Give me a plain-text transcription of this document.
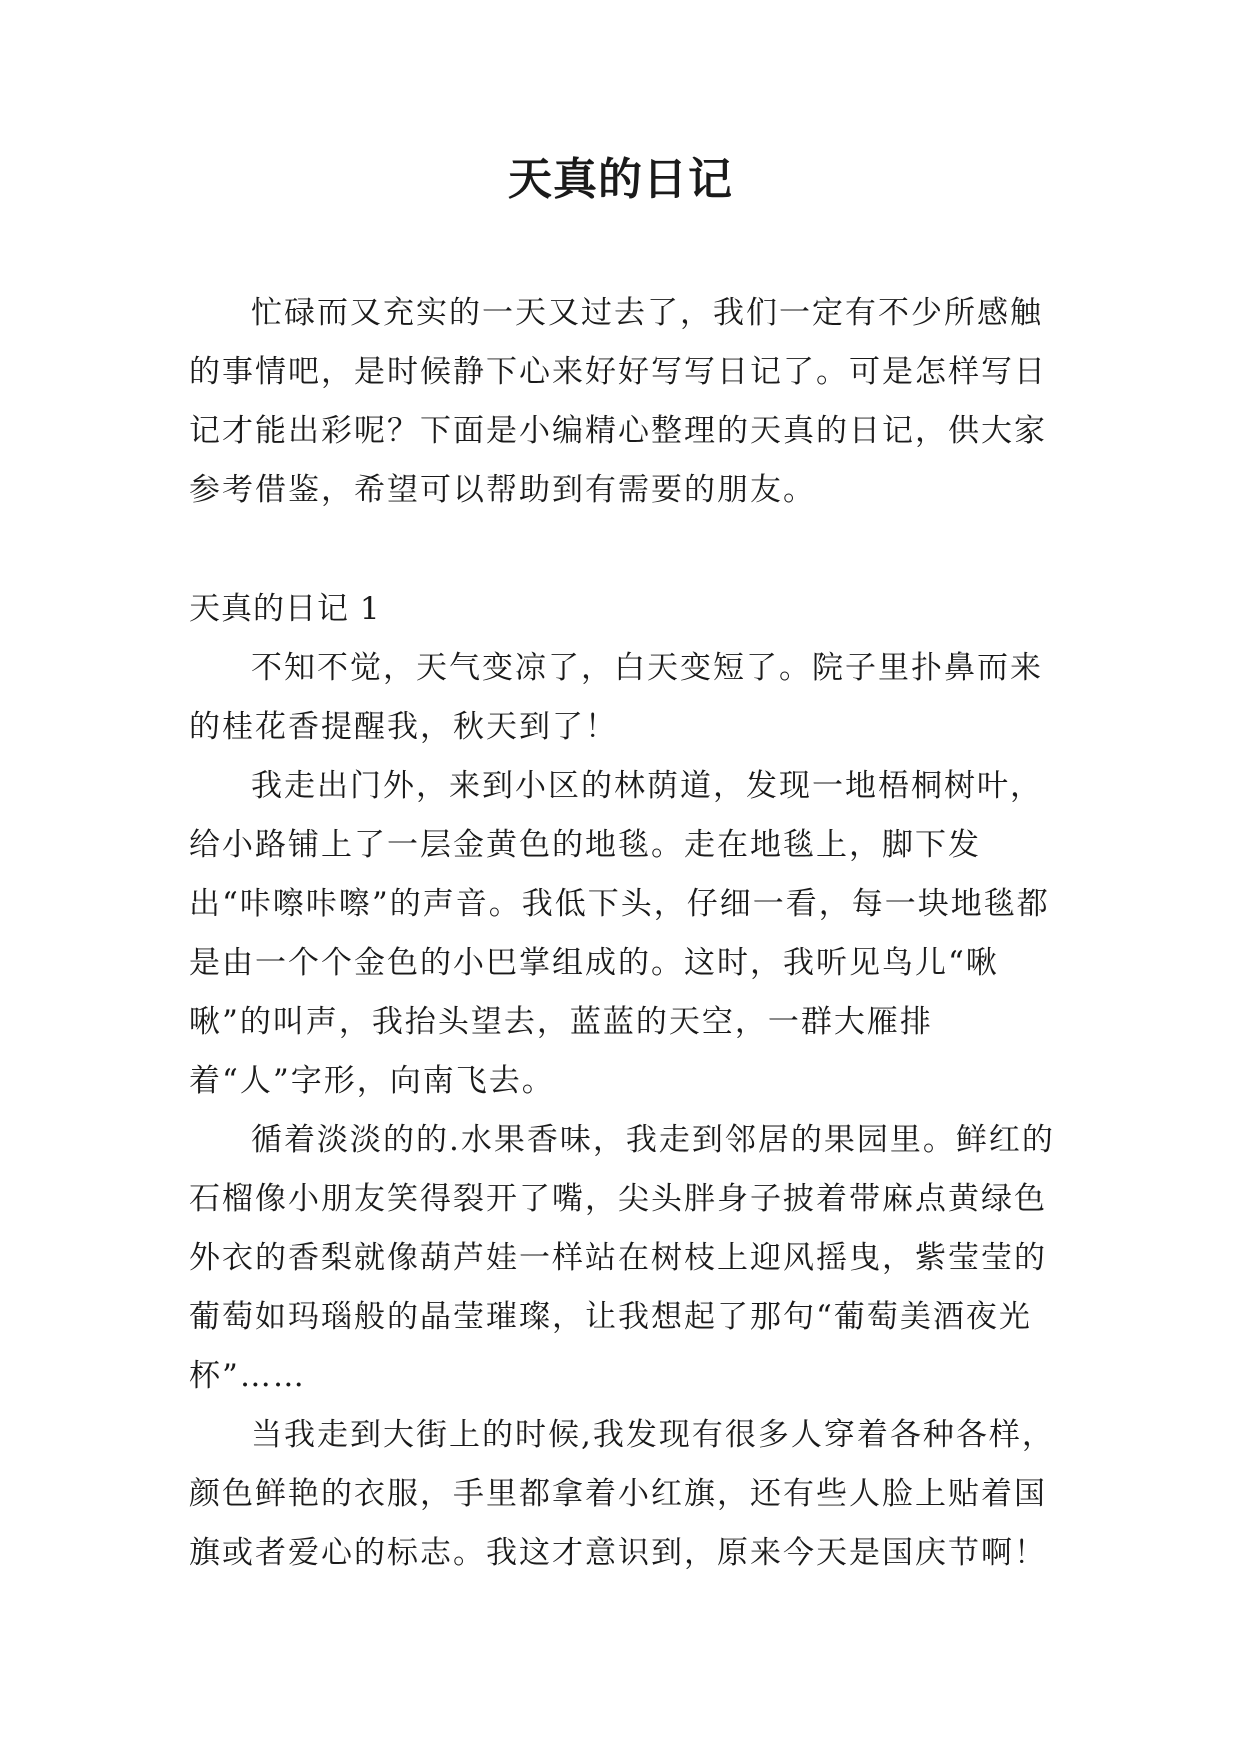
天真的日记

忙碌而又充实的一天又过去了，我们一定有不少所感触的事情吧，是时候静下心来好好写写日记了。可是怎样写日记才能出彩呢？下面是小编精心整理的天真的日记，供大家参考借鉴，希望可以帮助到有需要的朋友。

天真的日记 1

不知不觉，天气变凉了，白天变短了。院子里扑鼻而来的桂花香提醒我，秋天到了！

我走出门外，来到小区的林荫道，发现一地梧桐树叶，给小路铺上了一层金黄色的地毯。走在地毯上，脚下发出“咔嚓咔嚓”的声音。我低下头，仔细一看，每一块地毯都是由一个个金色的小巴掌组成的。这时，我听见鸟儿“啾啾”的叫声，我抬头望去，蓝蓝的天空，一群大雁排着“人”字形，向南飞去。

循着淡淡的的.水果香味，我走到邻居的果园里。鲜红的石榴像小朋友笑得裂开了嘴，尖头胖身子披着带麻点黄绿色外衣的香梨就像葫芦娃一样站在树枝上迎风摇曳，紫莹莹的葡萄如玛瑙般的晶莹璀璨，让我想起了那句“葡萄美酒夜光杯”……

当我走到大街上的时候,我发现有很多人穿着各种各样，颜色鲜艳的衣服，手里都拿着小红旗，还有些人脸上贴着国旗或者爱心的标志。我这才意识到，原来今天是国庆节啊！
